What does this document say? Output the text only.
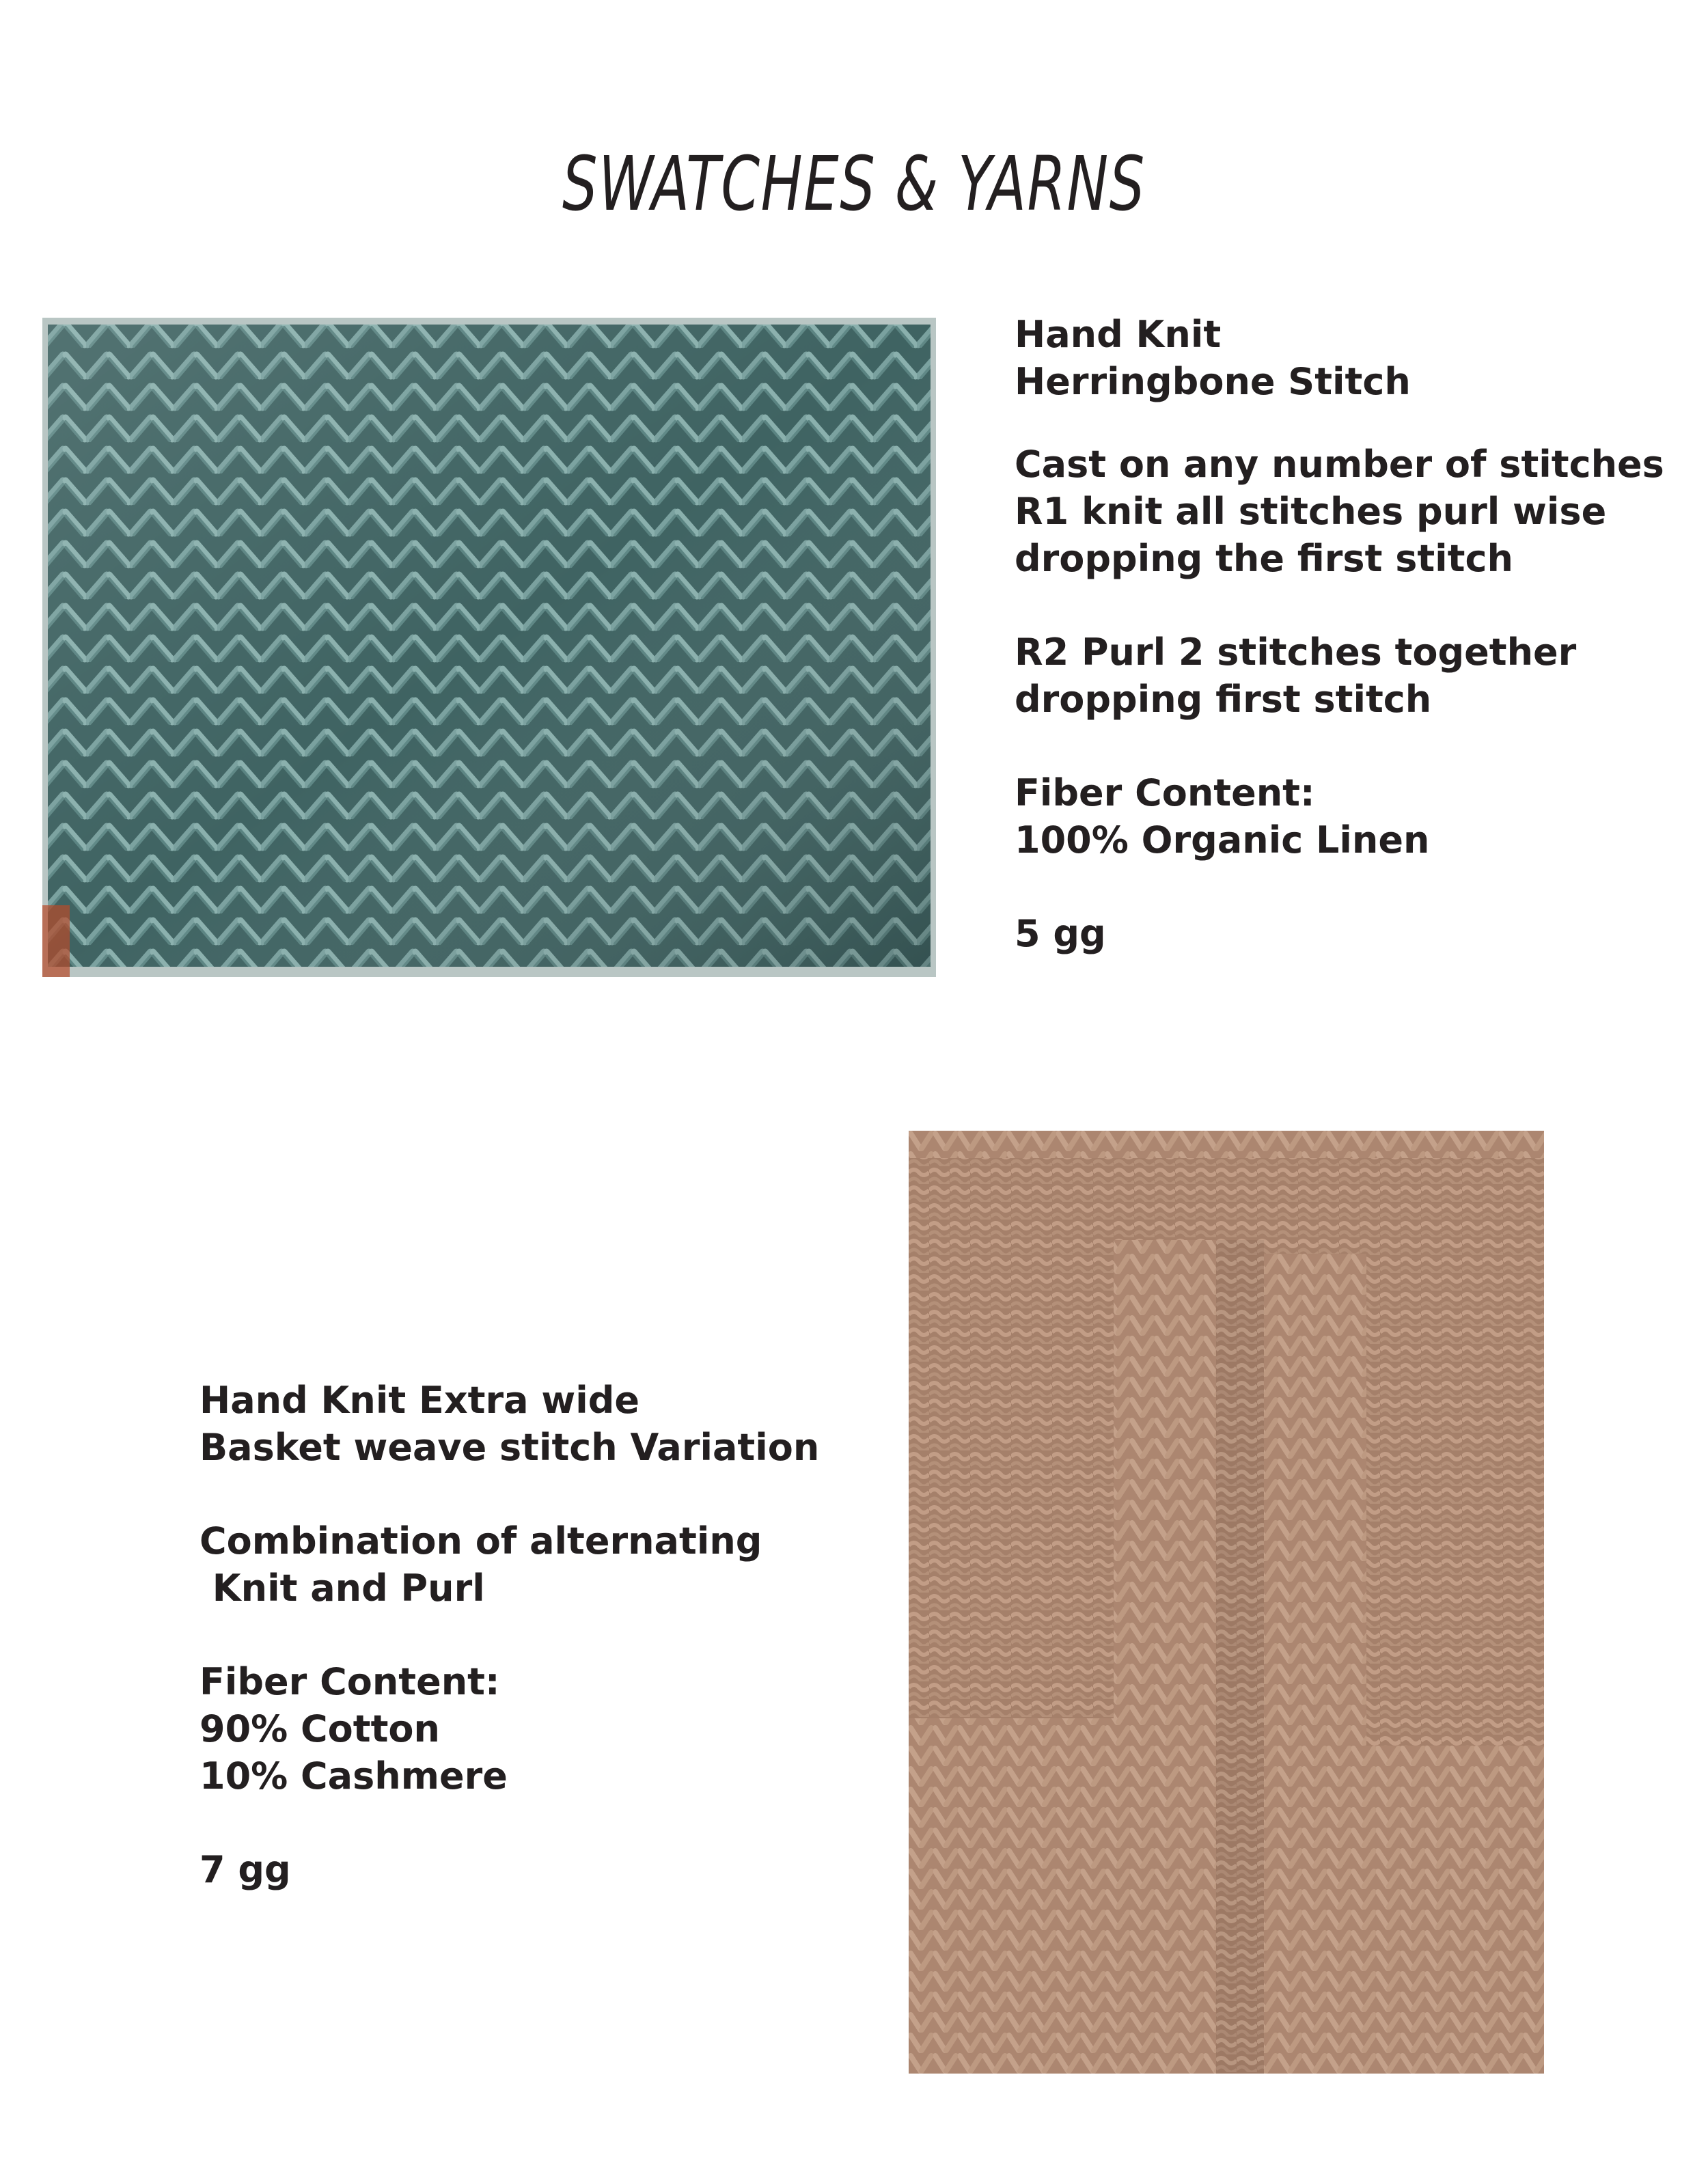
SWATCHES & YARNS

Hand Knit

Herringbone Stitch

Cast on any number of stitches

R1 knit all stitches purl wise

dropping the first stitch

R2 Purl 2 stitches together

dropping first stitch

Fiber Content:

100% Organic Linen

5 gg

Hand Knit Extra wide

Basket weave stitch Variation

Combination of alternating

Knit and Purl

Fiber Content:

90% Cotton

10% Cashmere

7 gg
